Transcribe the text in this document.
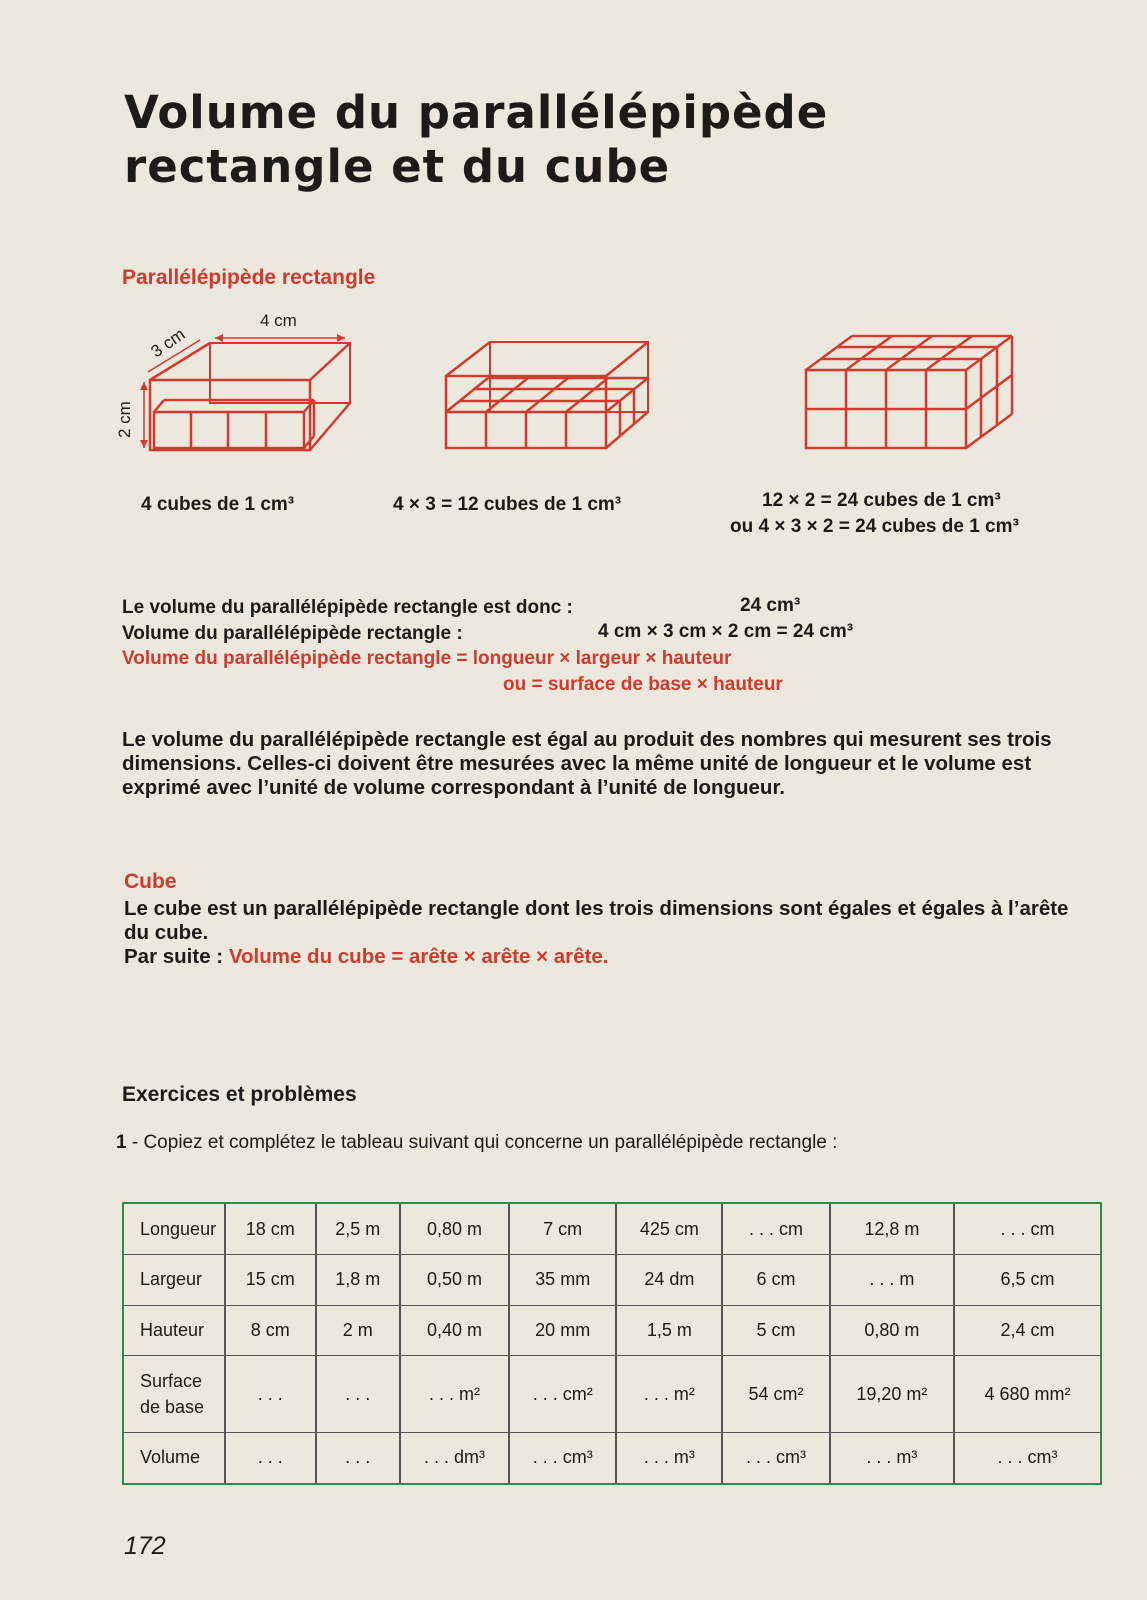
Volume du parallélépipède
rectangle et du cube
Parallélépipède rectangle
4 cm
3 cm
2 cm
4 cubes de 1 cm³	4 × 3 = 12 cubes de 1 cm³	12 × 2 = 24 cubes de 1 cm³
ou 4 × 3 × 2 = 24 cubes de 1 cm³
Le volume du parallélépipède rectangle est donc :	24 cm³
Volume du parallélépipède rectangle :	4 cm × 3 cm × 2 cm = 24 cm³
Volume du parallélépipède rectangle = longueur × largeur × hauteur
ou = surface de base × hauteur
Le volume du parallélépipède rectangle est égal au produit des nombres qui mesurent ses trois dimensions. Celles-ci doivent être mesurées avec la même unité de longueur et le volume est exprimé avec l’unité de volume correspondant à l’unité de longueur.
Cube
Le cube est un parallélépipède rectangle dont les trois dimensions sont égales et égales à l’arête du cube.
Par suite : Volume du cube = arête × arête × arête.
Exercices et problèmes
1 - Copiez et complétez le tableau suivant qui concerne un parallélépipède rectangle :
Longueur	18 cm	2,5 m	0,80 m	7 cm	425 cm	. . . cm	12,8 m	. . . cm
Largeur	15 cm	1,8 m	0,50 m	35 mm	24 dm	6 cm	. . . m	6,5 cm
Hauteur	8 cm	2 m	0,40 m	20 mm	1,5 m	5 cm	0,80 m	2,4 cm
Surface de base	. . .	. . .	. . . m²	. . . cm²	. . . m²	54 cm²	19,20 m²	4 680 mm²
Volume	. . .	. . .	. . . dm³	. . . cm³	. . . m³	. . . cm³	. . . m³	. . . cm³
172
